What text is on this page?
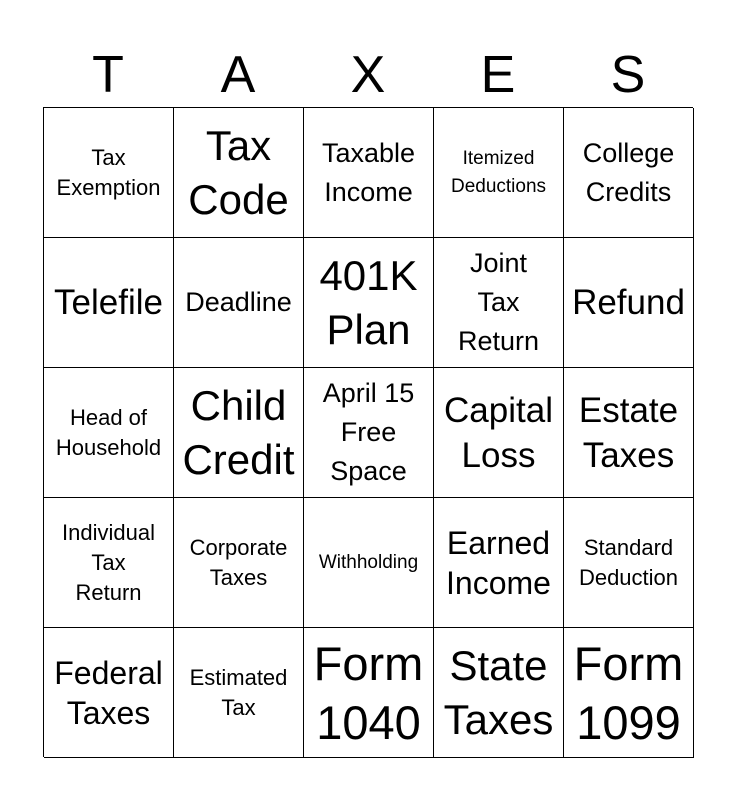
T	A	X	E	S
Tax
Exemption
Tax
Code
Taxable
Income
Itemized
Deductions
College
Credits
Telefile Deadline
401K
Plan
Joint
Tax
Return
Refund
Head of
Household
Child
Credit
April 15
Free
Space
Capital
Loss
Estate
Taxes
Individual
Tax
Return
Corporate
Taxes
Withholding
Earned
Income
Standard
Deduction
Federal
Taxes
Estimated
Tax
Form
1040
State
Taxes
Form
1099
